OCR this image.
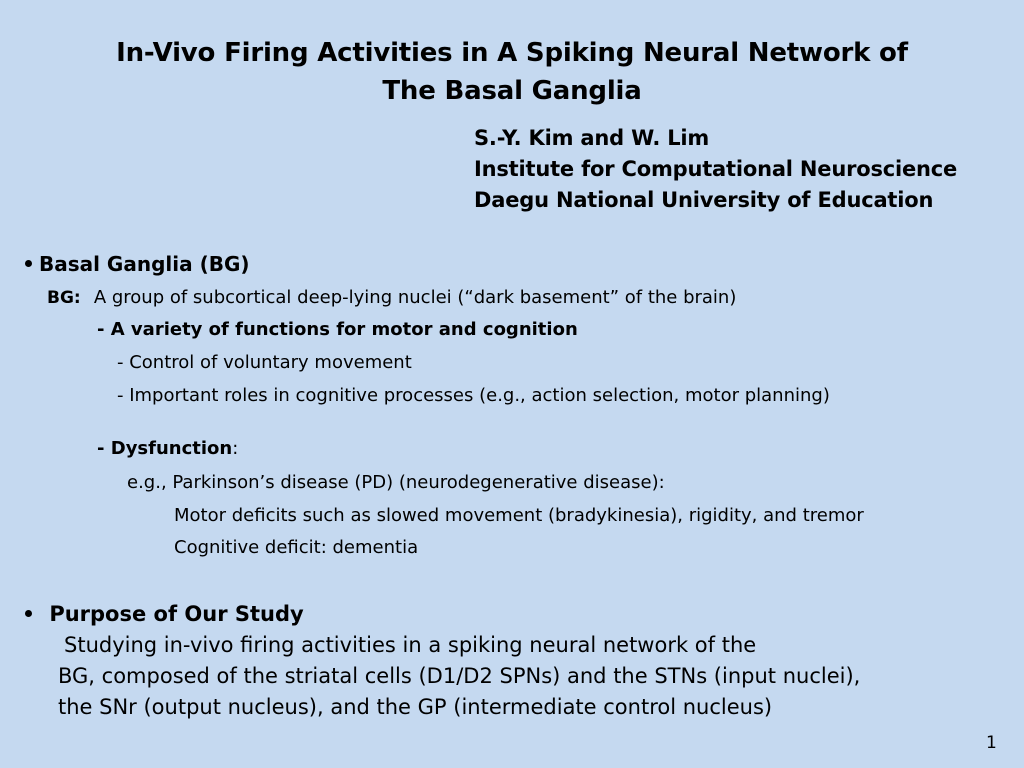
In-Vivo Firing Activities in A Spiking Neural Network of
The Basal Ganglia
S.-Y. Kim and W. Lim
Institute for Computational Neuroscience
Daegu National University of Education
Basal Ganglia (BG)
BG: A group of subcortical deep-lying nuclei (“dark basement” of the brain)
- A variety of functions for motor and cognition
- Control of voluntary movement
- Important roles in cognitive processes (e.g., action selection, motor planning)
- Dysfunction:
e.g., Parkinson’s disease (PD) (neurodegenerative disease):
Motor deficits such as slowed movement (bradykinesia), rigidity, and tremor
Cognitive deficit: dementia
Purpose of Our Study
Studying in-vivo firing activities in a spiking neural network of the
BG, composed of the striatal cells (D1/D2 SPNs) and the STNs (input nuclei),
the SNr (output nucleus), and the GP (intermediate control nucleus)
1
